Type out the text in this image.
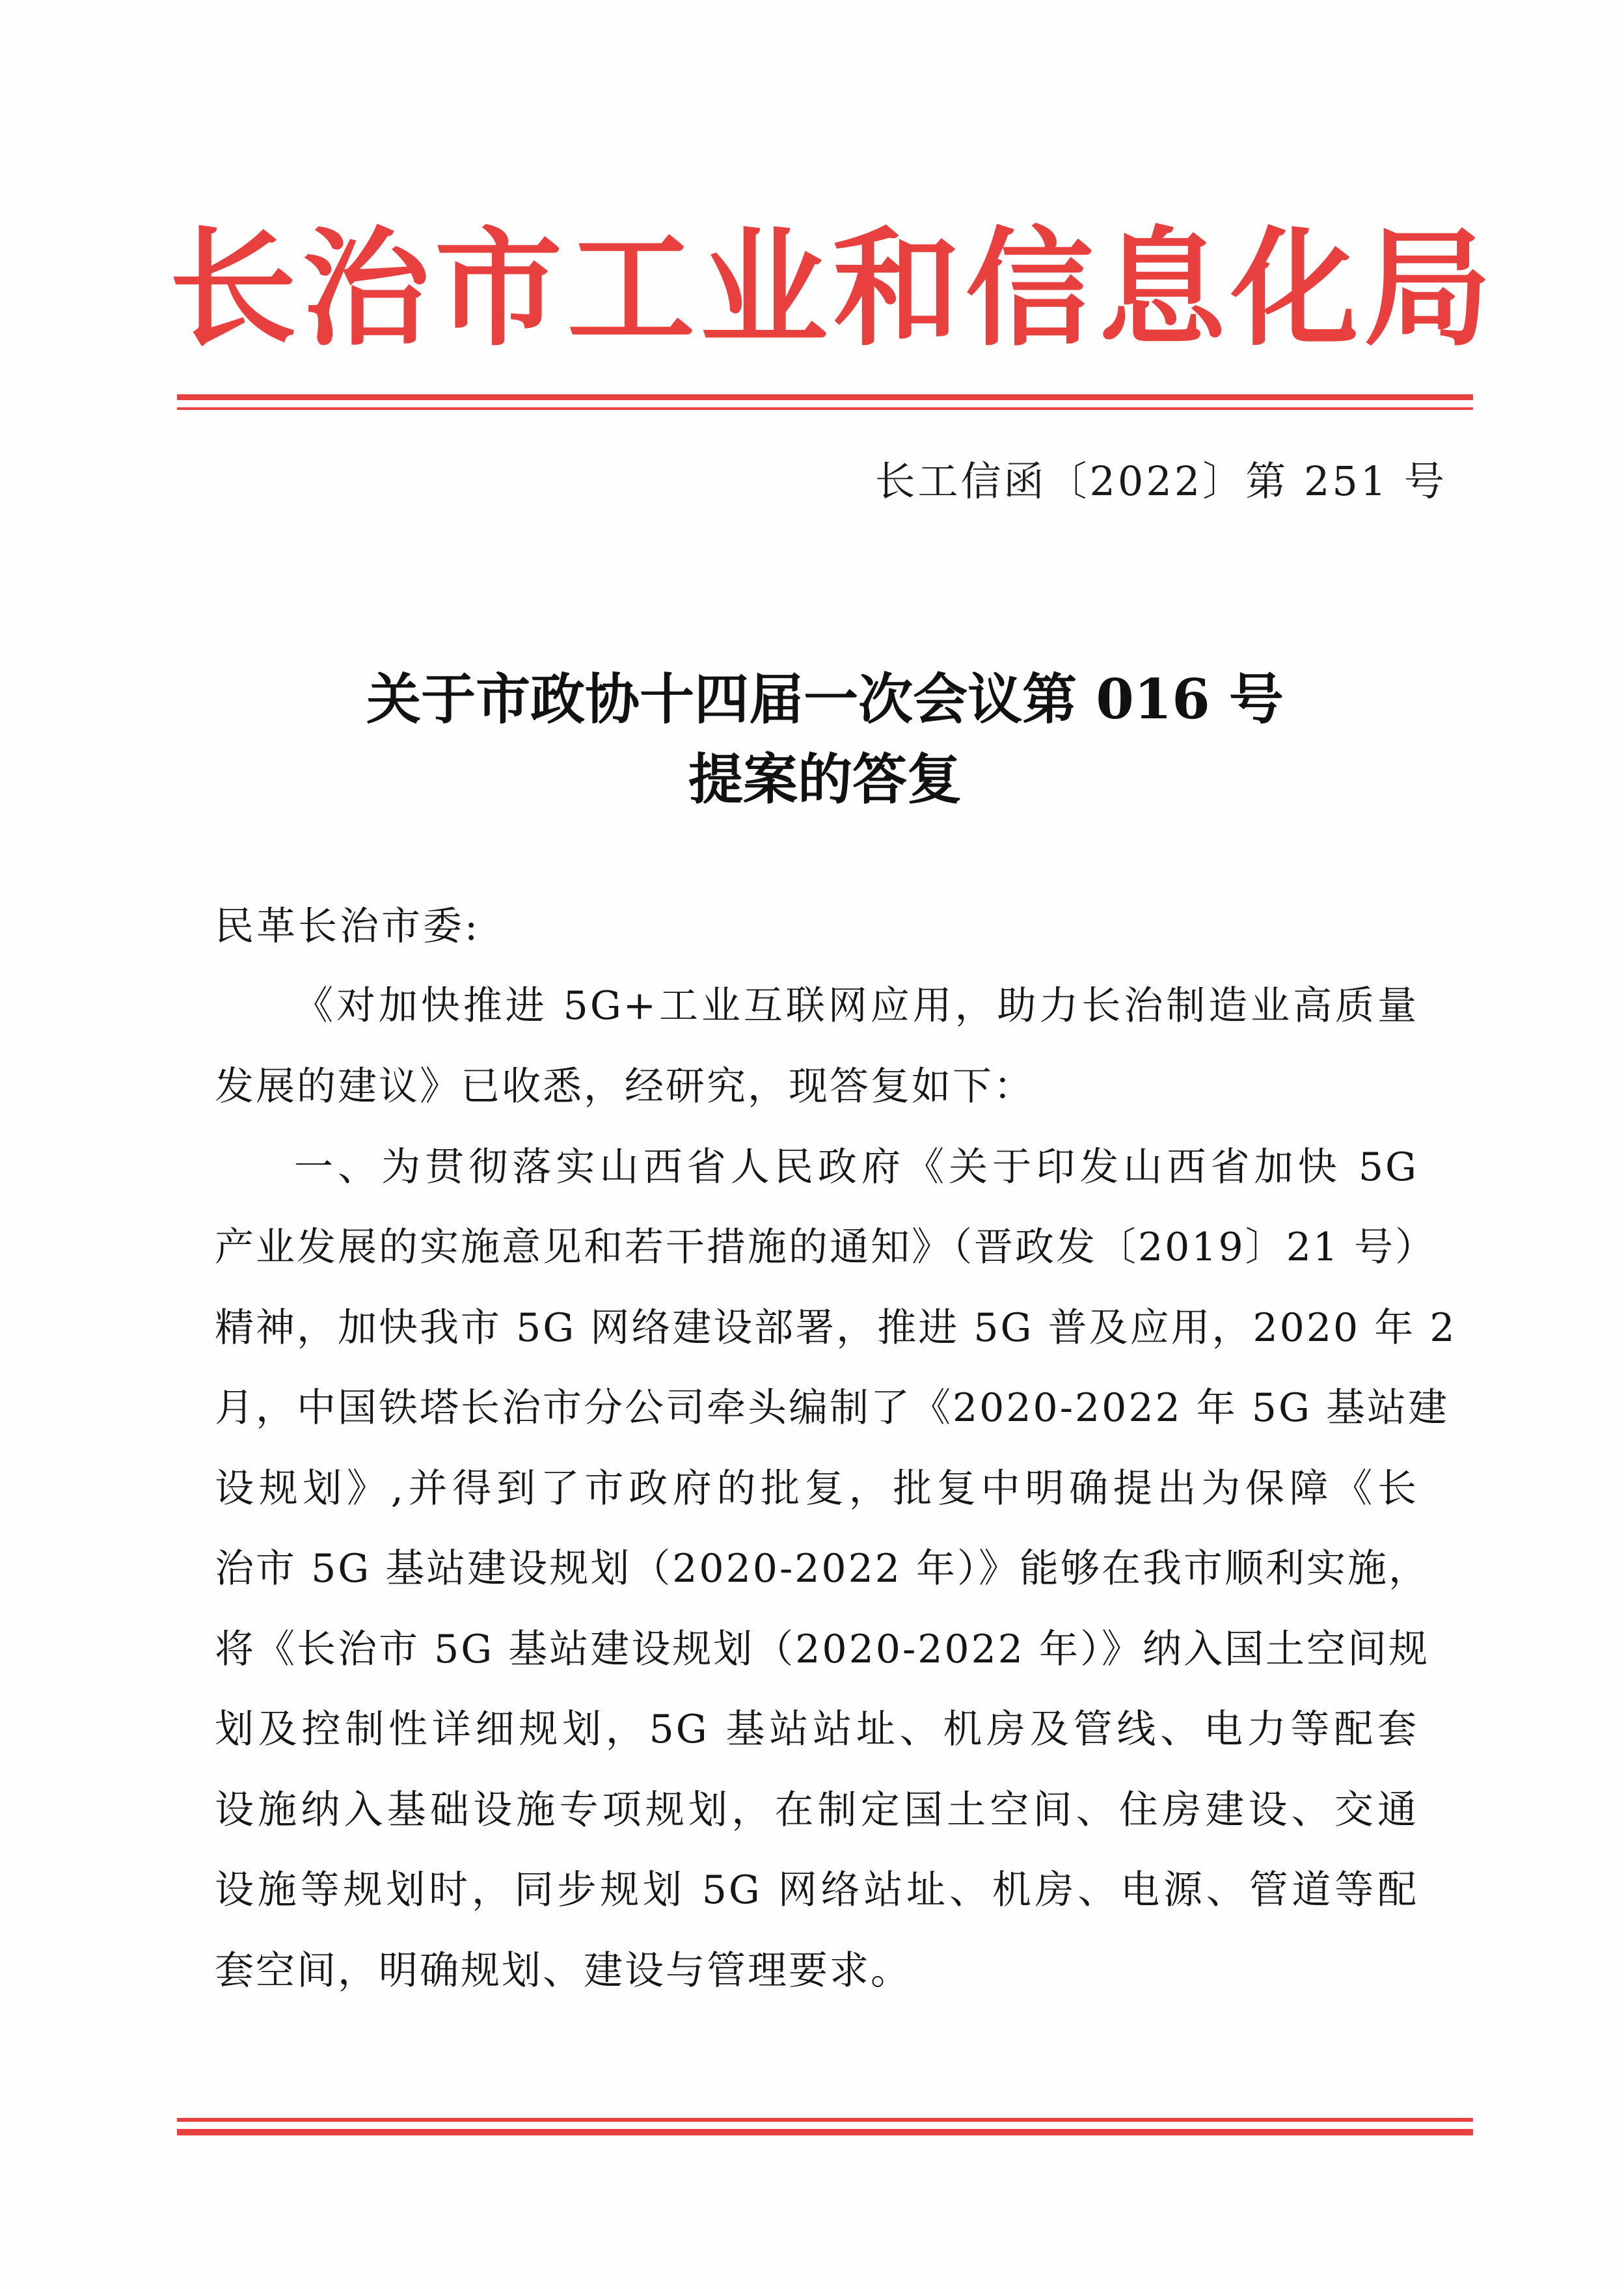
长治市工业和信息化局
长工信函〔2022〕第 251 号
关于市政协十四届一次会议第 016 号
提案的答复
民革长治市委:
《对加快推进 5G+工业互联网应用，助力长治制造业高质量
发展的建议》已收悉，经研究，现答复如下：
一、为贯彻落实山西省人民政府《关于印发山西省加快 5G
产业发展的实施意见和若干措施的通知》（晋政发〔2019〕21 号）
精神，加快我市 5G 网络建设部署，推进 5G 普及应用，2020 年 2
月，中国铁塔长治市分公司牵头编制了《2020-2022 年 5G 基站建
设规划》,并得到了市政府的批复，批复中明确提出为保障《长
治市 5G 基站建设规划（2020-2022 年）》能够在我市顺利实施，
将《长治市 5G 基站建设规划（2020-2022 年）》纳入国土空间规
划及控制性详细规划，5G 基站站址、机房及管线、电力等配套
设施纳入基础设施专项规划，在制定国土空间、住房建设、交通
设施等规划时，同步规划 5G 网络站址、机房、电源、管道等配
套空间，明确规划、建设与管理要求。
